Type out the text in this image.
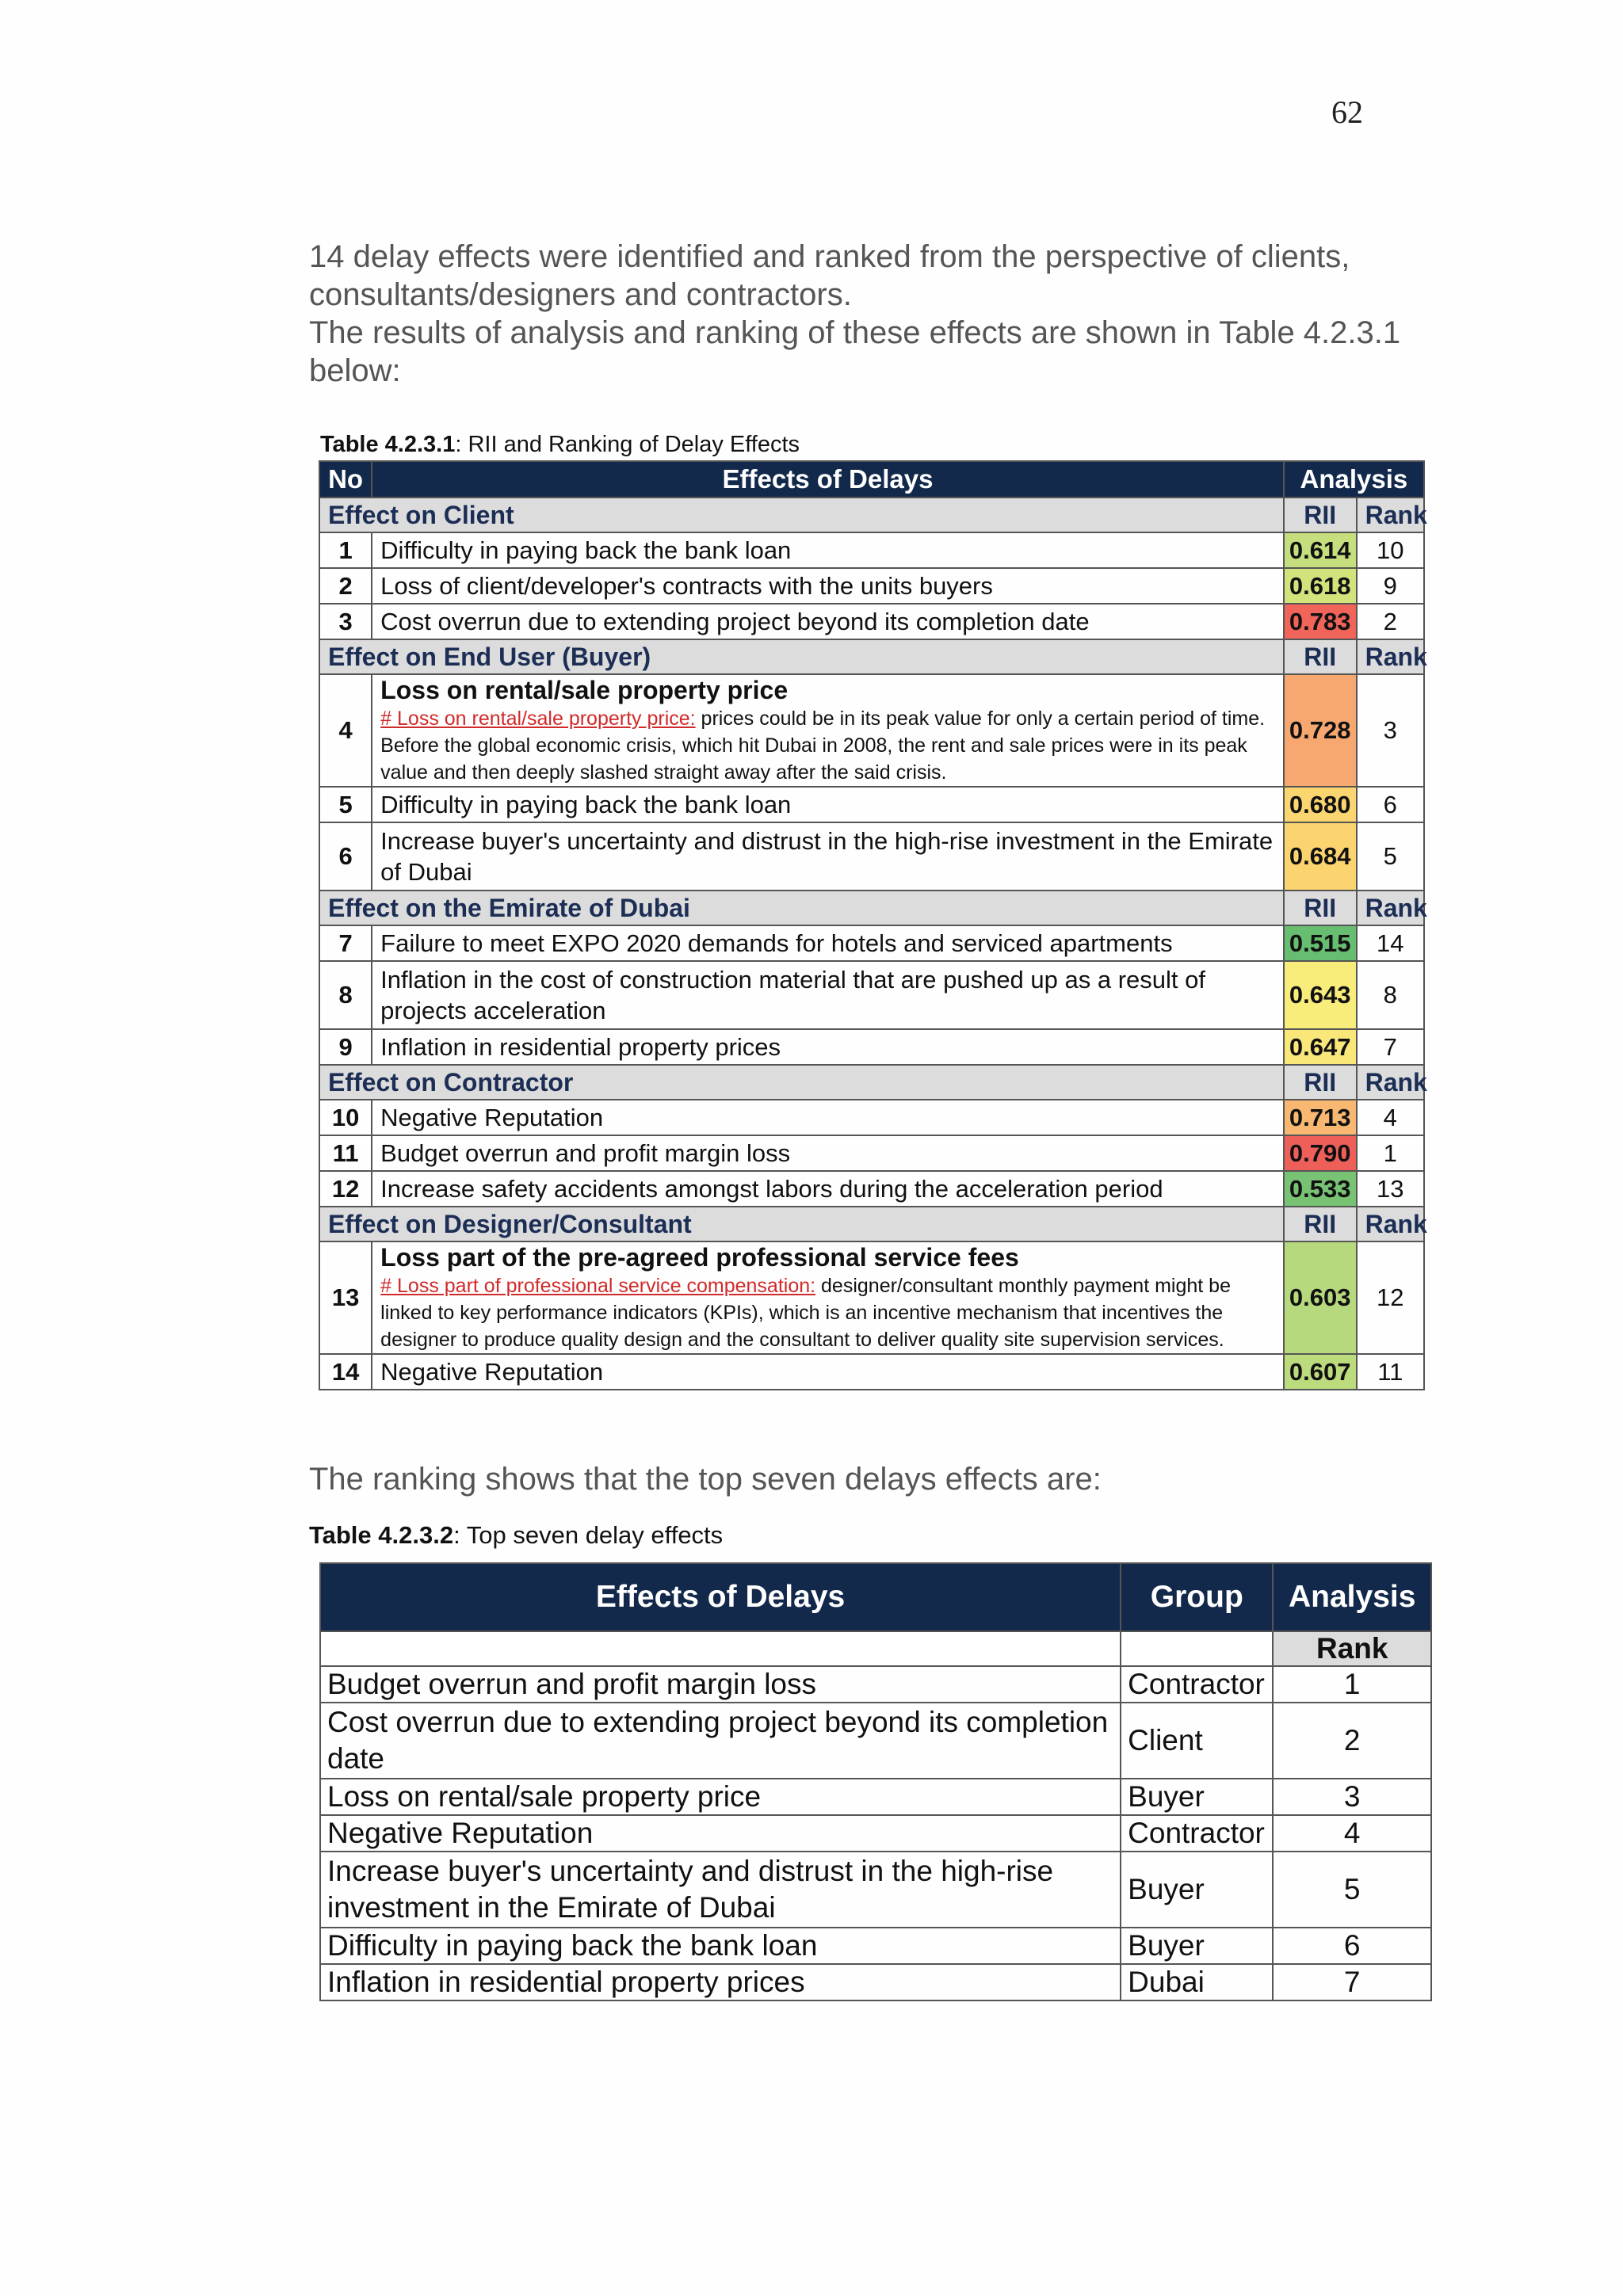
62

14 delay effects were identified and ranked from the perspective of clients, consultants/designers and contractors.

The results of analysis and ranking of these effects are shown in Table 4.2.3.1 below:

Table 4.2.3.1: RII and Ranking of Delay Effects
No	Effects of Delays	Analysis	
Effect on Client		RII	Rank
1	Difficulty in paying back the bank loan	0.614	10
2	Loss of client/developer's contracts with the units buyers	0.618	9
3	Cost overrun due to extending project beyond its completion date	0.783	2
Effect on End User (Buyer)		RII	Rank
4	Loss on rental/sale property price
# Loss on rental/sale property price: prices could be in its peak value for only a certain period of time. Before the global economic crisis, which hit Dubai in 2008, the rent and sale prices were in its peak value and then deeply slashed straight away after the said crisis.	0.728	3
5	Difficulty in paying back the bank loan	0.680	6
6	Increase buyer's uncertainty and distrust in the high-rise investment in the Emirate of Dubai	0.684	5
Effect on the Emirate of Dubai		RII	Rank
7	Failure to meet EXPO 2020 demands for hotels and serviced apartments	0.515	14
8	Inflation in the cost of construction material that are pushed up as a result of projects acceleration	0.643	8
9	Inflation in residential property prices	0.647	7
Effect on Contractor		RII	Rank
10	Negative Reputation	0.713	4
11	Budget overrun and profit margin loss	0.790	1
12	Increase safety accidents amongst labors during the acceleration period	0.533	13
Effect on Designer/Consultant		RII	Rank
13	Loss part of the pre-agreed professional service fees
# Loss part of professional service compensation: designer/consultant monthly payment might be linked to key performance indicators (KPIs), which is an incentive mechanism that incentives the designer to produce quality design and the consultant to deliver quality site supervision services.	0.603	12
14	Negative Reputation	0.607	11
The ranking shows that the top seven delays effects are:
Table 4.2.3.2: Top seven delay effects
Effects of Delays	Group	Analysis
		Rank
Budget overrun and profit margin loss	Contractor	1
Cost overrun due to extending project beyond its completion date	Client	2
Loss on rental/sale property price	Buyer	3
Negative Reputation	Contractor	4
Increase buyer's uncertainty and distrust in the high-rise investment in the Emirate of Dubai	Buyer	5
Difficulty in paying back the bank loan	Buyer	6
Inflation in residential property prices	Dubai	7
